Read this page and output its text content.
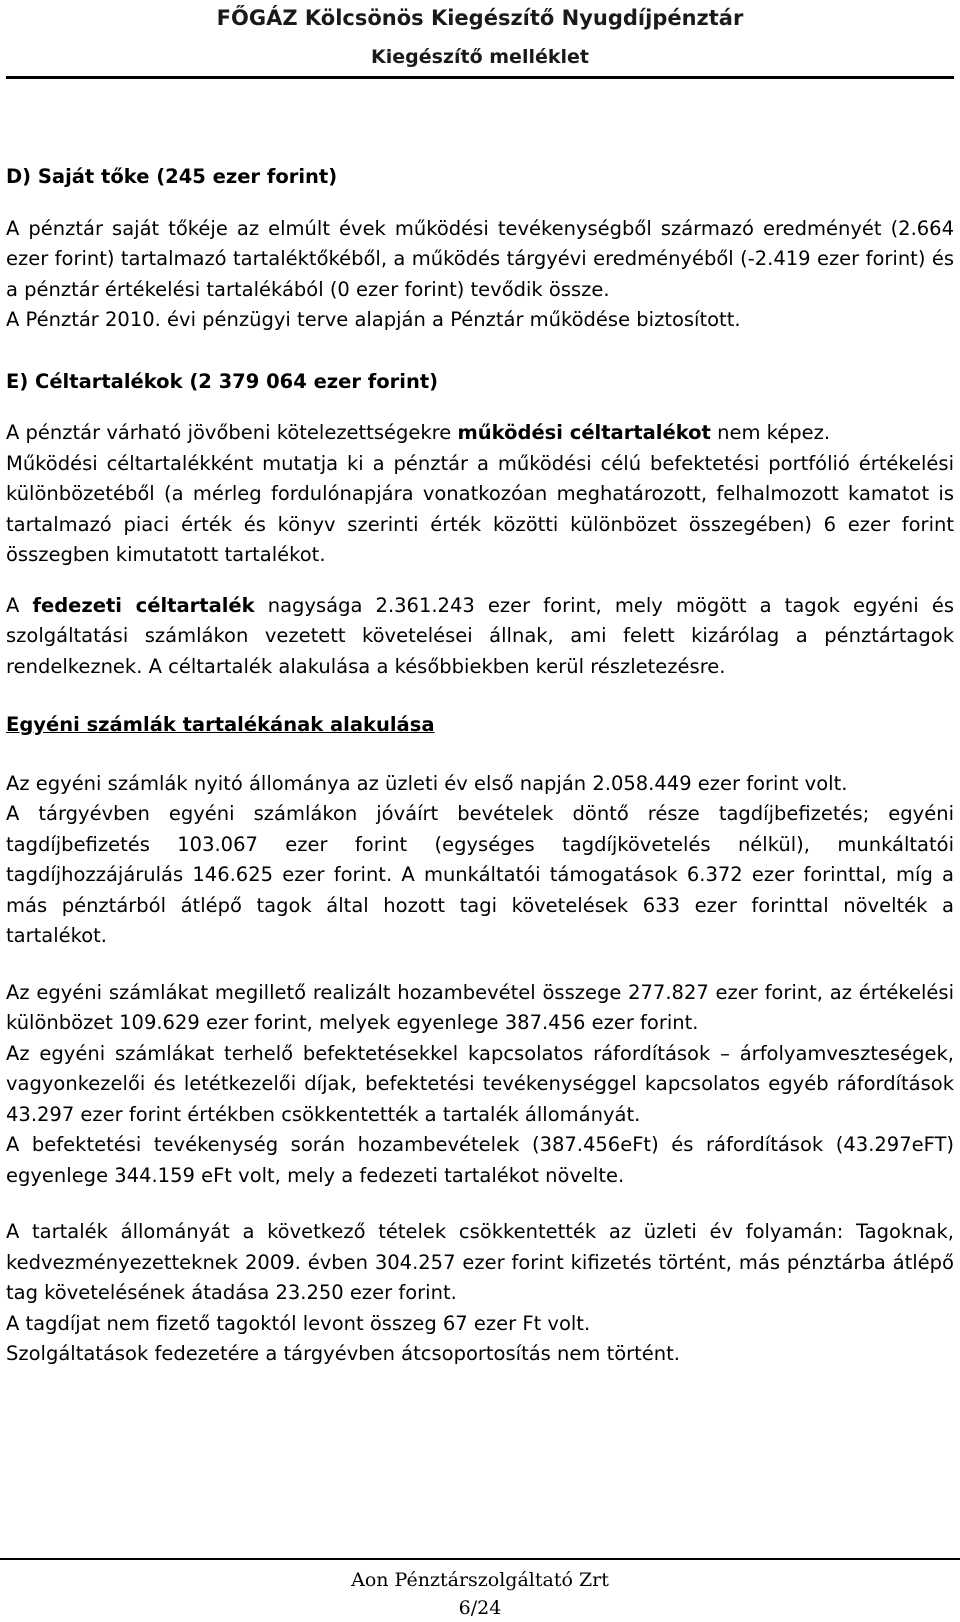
FŐGÁZ Kölcsönös Kiegészítő Nyugdíjpénztár
Kiegészítő melléklet

D) Saját tőke (245 ezer forint)

A pénztár saját tőkéje az elmúlt évek működési tevékenységből származó eredményét (2.664 ezer forint) tartalmazó tartaléktőkéből, a működés tárgyévi eredményéből (-2.419 ezer forint) és a pénztár értékelési tartalékából (0 ezer forint) tevődik össze.

A Pénztár 2010. évi pénzügyi terve alapján a Pénztár működése biztosított.

E) Céltartalékok (2 379 064 ezer forint)

A pénztár várható jövőbeni kötelezettségekre működési céltartalékot nem képez.

Működési céltartalékként mutatja ki a pénztár a működési célú befektetési portfólió értékelési különbözetéből (a mérleg fordulónapjára vonatkozóan meghatározott, felhalmozott kamatot is tartalmazó piaci érték és könyv szerinti érték közötti különbözet összegében) 6 ezer forint összegben kimutatott tartalékot.

A fedezeti céltartalék nagysága 2.361.243 ezer forint, mely mögött a tagok egyéni és szolgáltatási számlákon vezetett követelései állnak, ami felett kizárólag a pénztártagok rendelkeznek. A céltartalék alakulása a későbbiekben kerül részletezésre.

Egyéni számlák tartalékának alakulása

Az egyéni számlák nyitó állománya az üzleti év első napján 2.058.449 ezer forint volt.

A tárgyévben egyéni számlákon jóváírt bevételek döntő része tagdíjbefizetés; egyéni tagdíjbefizetés 103.067 ezer forint (egységes tagdíjkövetelés nélkül), munkáltatói tagdíjhozzájárulás 146.625 ezer forint. A munkáltatói támogatások 6.372 ezer forinttal, míg a más pénztárból átlépő tagok által hozott tagi követelések 633 ezer forinttal növelték a tartalékot.

Az egyéni számlákat megillető realizált hozambevétel összege 277.827 ezer forint, az értékelési különbözet 109.629 ezer forint, melyek egyenlege 387.456 ezer forint.

Az egyéni számlákat terhelő befektetésekkel kapcsolatos ráfordítások – árfolyamveszteségek, vagyonkezelői és letétkezelői díjak, befektetési tevékenységgel kapcsolatos egyéb ráfordítások 43.297 ezer forint értékben csökkentették a tartalék állományát.

A befektetési tevékenység során hozambevételek (387.456eFt) és ráfordítások (43.297eFT) egyenlege 344.159 eFt volt, mely a fedezeti tartalékot növelte.

A tartalék állományát a következő tételek csökkentették az üzleti év folyamán: Tagoknak, kedvezményezetteknek 2009. évben 304.257 ezer forint kifizetés történt, más pénztárba átlépő tag követelésének átadása 23.250 ezer forint.

A tagdíjat nem fizető tagoktól levont összeg 67 ezer Ft volt.

Szolgáltatások fedezetére a tárgyévben átcsoportosítás nem történt.

Aon Pénztárszolgáltató Zrt
6/24
